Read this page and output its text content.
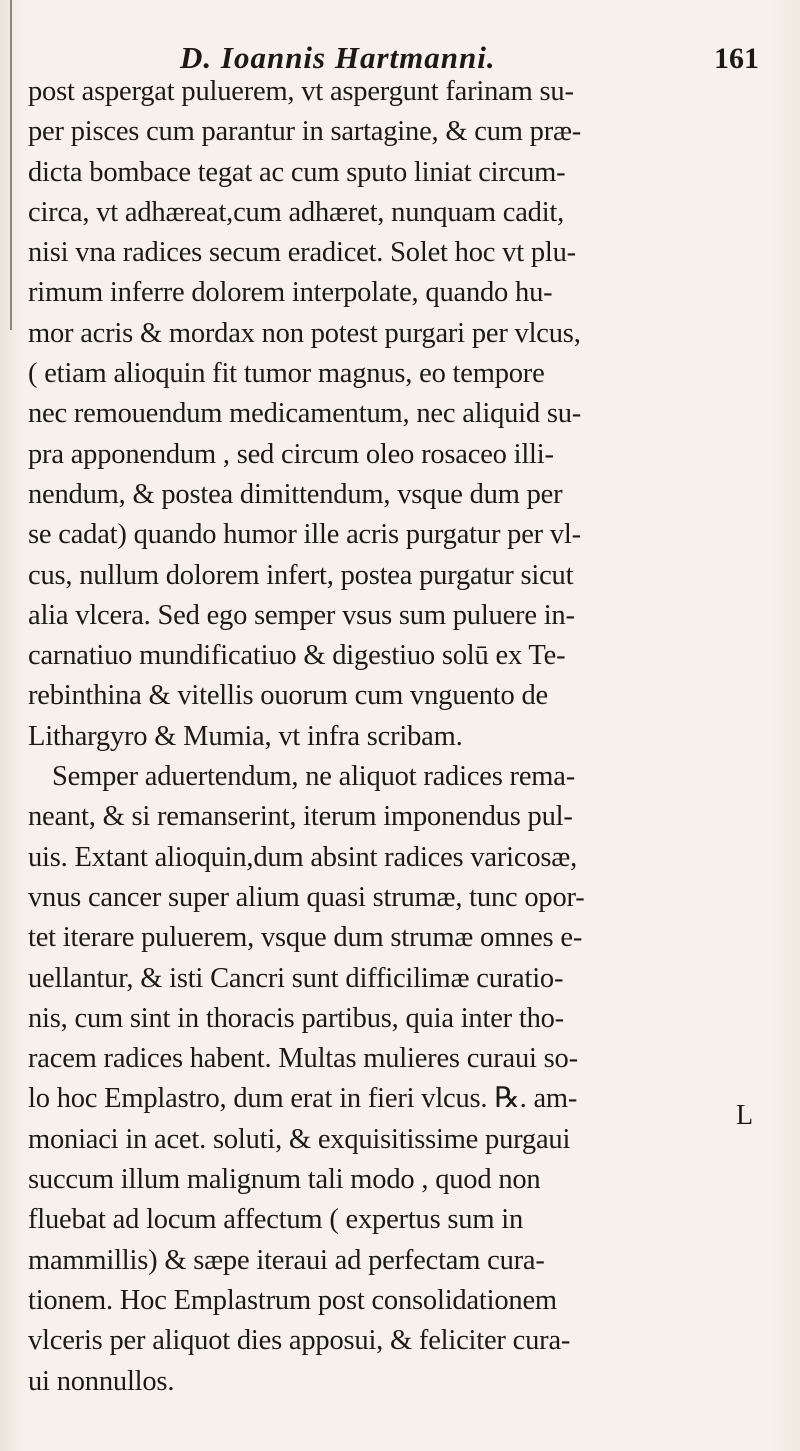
D. Ioannis Hartmanni.	161
post aspergat puluerem, vt aspergunt farinam su-
per pisces cum parantur in sartagine, & cum præ-
dicta bombace tegat ac cum sputo liniat circum-
circa, vt adhæreat,cum adhæret, nunquam cadit,
nisi vna radices secum eradicet. Solet hoc vt plu-
rimum inferre dolorem interpolate, quando hu-
mor acris & mordax non potest purgari per vlcus,
( etiam alioquin fit tumor magnus, eo tempore
nec remouendum medicamentum, nec aliquid su-
pra apponendum , sed circum oleo rosaceo illi-
nendum, & postea dimittendum, vsque dum per
se cadat) quando humor ille acris purgatur per vl-
cus, nullum dolorem infert, postea purgatur sicut
alia vlcera. Sed ego semper vsus sum puluere in-
carnatiuo mundificatiuo & digestiuo solū ex Te-
rebinthina & vitellis ouorum cum vnguento de
Lithargyro & Mumia, vt infra scribam.
Semper aduertendum, ne aliquot radices rema-
neant, & si remanserint, iterum imponendus pul-
uis. Extant alioquin,dum absint radices varicosæ,
vnus cancer super alium quasi strumæ, tunc opor-
tet iterare puluerem, vsque dum strumæ omnes e-
uellantur, & isti Cancri sunt difficilimæ curatio-
nis, cum sint in thoracis partibus, quia inter tho-
racem radices habent. Multas mulieres curaui so-
lo hoc Emplastro, dum erat in fieri vlcus. ℞. am-
moniaci in acet. soluti, & exquisitissime purgaui
succum illum malignum tali modo , quod non
fluebat ad locum affectum ( expertus sum in
mammillis) & sæpe iteraui ad perfectam cura-
tionem. Hoc Emplastrum post consolidationem
vlceris per aliquot dies apposui, & feliciter cura-
ui nonnullos.
L
